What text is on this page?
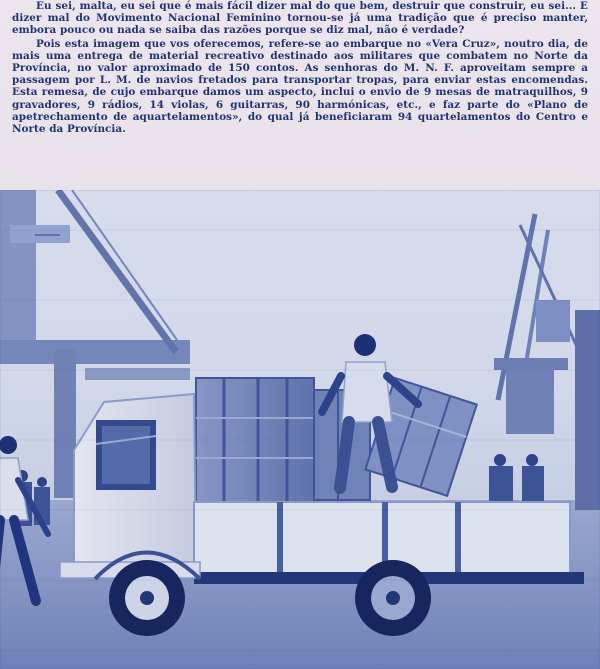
Eu sei, malta, eu sei que é mais fácil dizer mal do que bem, destruir que construir, eu sei... E dizer mal do Movimento Nacional Feminino tornou-se já uma tradição que é preciso manter, embora pouco ou nada se saiba das razões porque se diz mal, não é verdade?

Pois esta imagem que vos oferecemos, refere-se ao embarque no «Vera Cruz», noutro dia, de mais uma entrega de material recreativo destinado aos militares que combatem no Norte da Província, no valor aproximado de 150 contos. As senhoras do M. N. F. aproveitam sempre a passagem por L. M. de navios fretados para transportar tropas, para enviar estas encomendas. Esta remesa, de cujo embarque damos um aspecto, inclui o envio de 9 mesas de matraquilhos, 9 gravadores, 9 rádios, 14 violas, 6 guitarras, 90 harmónicas, etc., e faz parte do «Plano de apetrechamento de aquartelamentos», do qual já beneficiaram 94 quartelamentos do Centro e Norte da Província.
